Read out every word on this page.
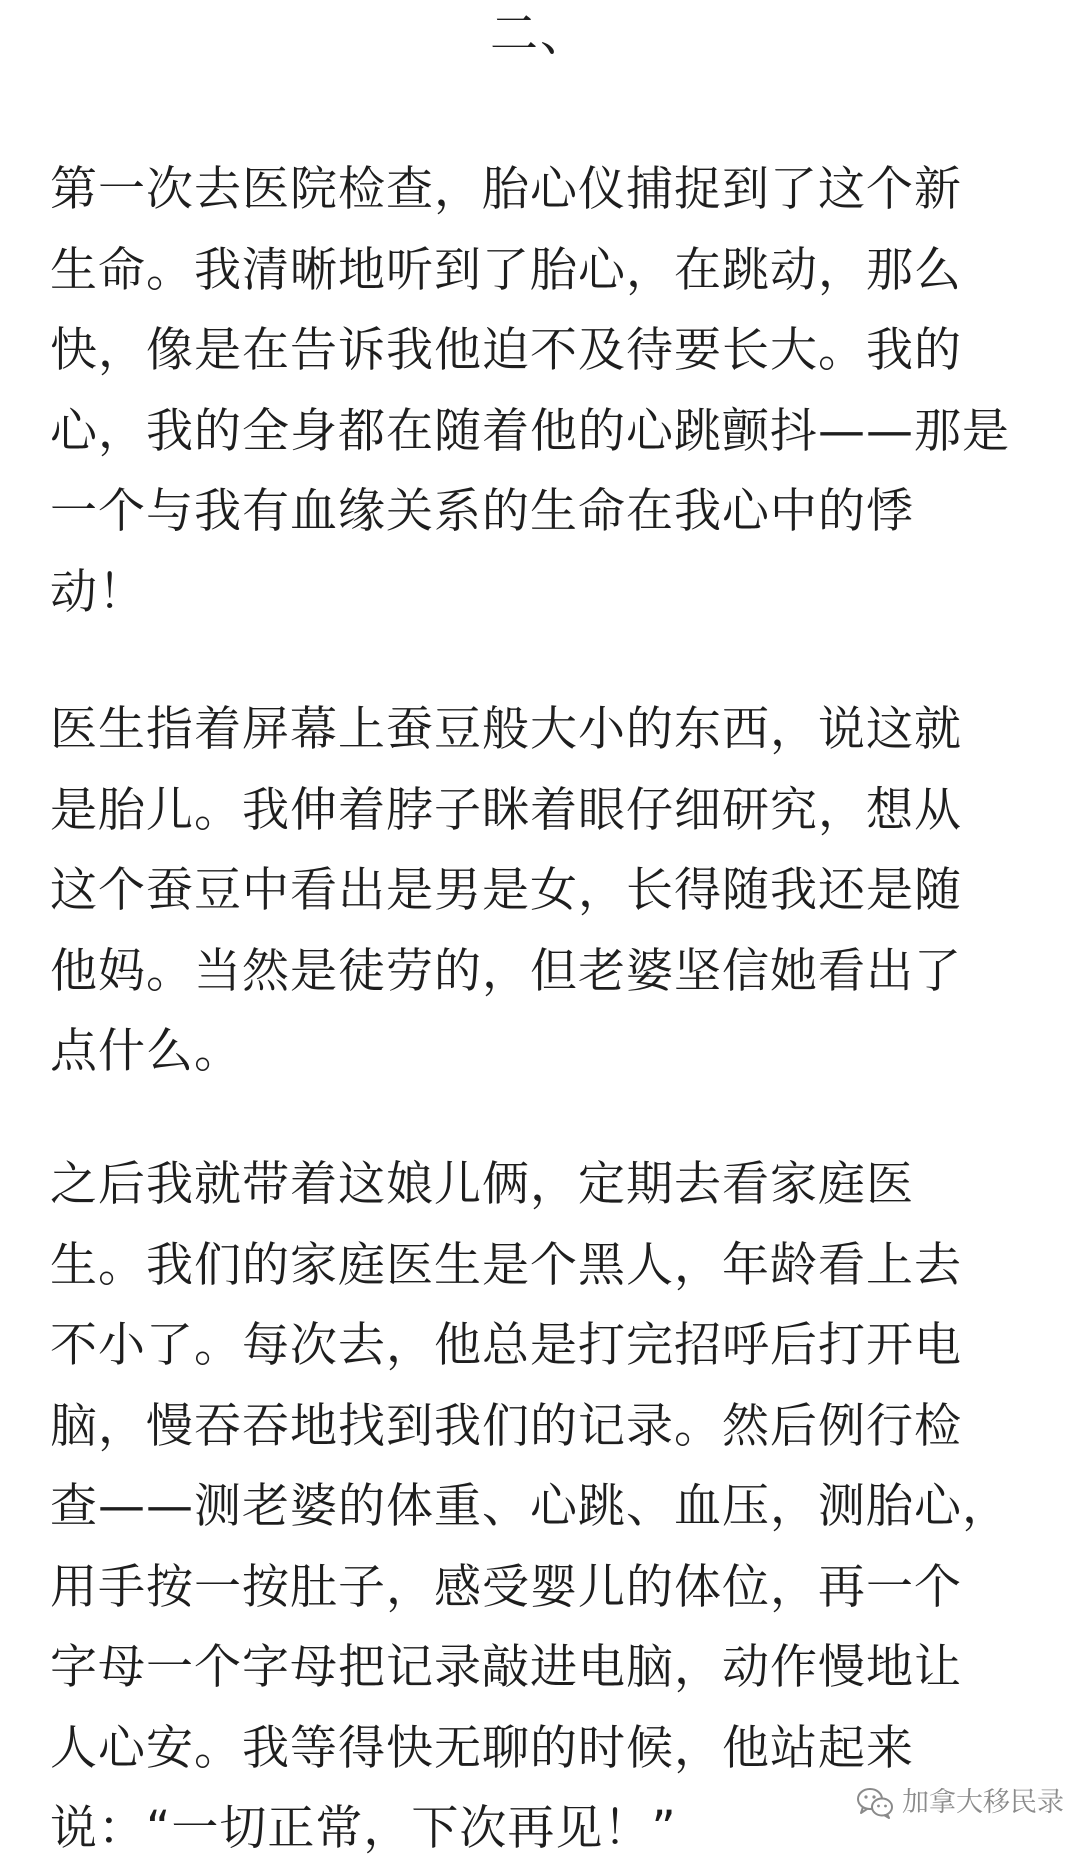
二、
第一次去医院检查，胎心仪捕捉到了这个新
生命。我清晰地听到了胎心，在跳动，那么
快，像是在告诉我他迫不及待要长大。我的
心，我的全身都在随着他的心跳颤抖——那是
一个与我有血缘关系的生命在我心中的悸
动！
医生指着屏幕上蚕豆般大小的东西，说这就
是胎儿。我伸着脖子眯着眼仔细研究，想从
这个蚕豆中看出是男是女，长得随我还是随
他妈。当然是徒劳的，但老婆坚信她看出了
点什么。
之后我就带着这娘儿俩，定期去看家庭医
生。我们的家庭医生是个黑人，年龄看上去
不小了。每次去，他总是打完招呼后打开电
脑，慢吞吞地找到我们的记录。然后例行检
查——测老婆的体重、心跳、血压，测胎心，
用手按一按肚子，感受婴儿的体位，再一个
字母一个字母把记录敲进电脑，动作慢地让
人心安。我等得快无聊的时候，他站起来
说：“一切正常，下次再见！”	加拿大移民录
